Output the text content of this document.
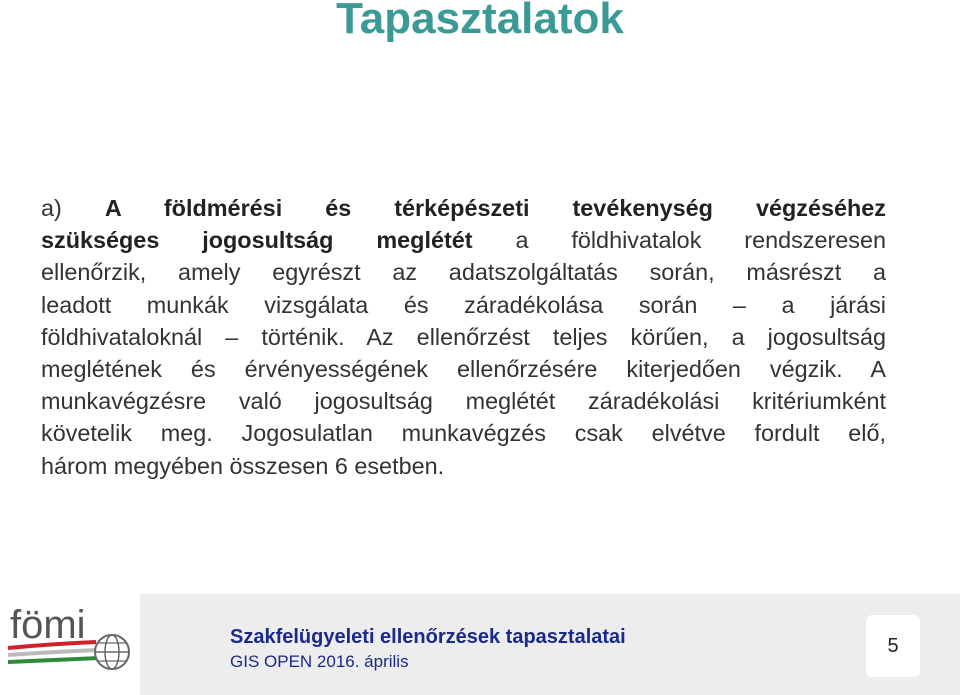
Tapasztalatok
a) A földmérési és térképészeti tevékenység végzéséhez
szükséges jogosultság meglétét a földhivatalok rendszeresen
ellenőrzik, amely egyrészt az adatszolgáltatás során, másrészt a
leadott munkák vizsgálata és záradékolása során – a járási
földhivataloknál – történik. Az ellenőrzést teljes körűen, a jogosultság
meglétének és érvényességének ellenőrzésére kiterjedően végzik. A
munkavégzésre való jogosultság meglétét záradékolási kritériumként
követelik meg. Jogosulatlan munkavégzés csak elvétve fordult elő,
három megyében összesen 6 esetben.
fömi	Szakfelügyeleti ellenőrzések tapasztalatai
GIS OPEN 2016. április
5
